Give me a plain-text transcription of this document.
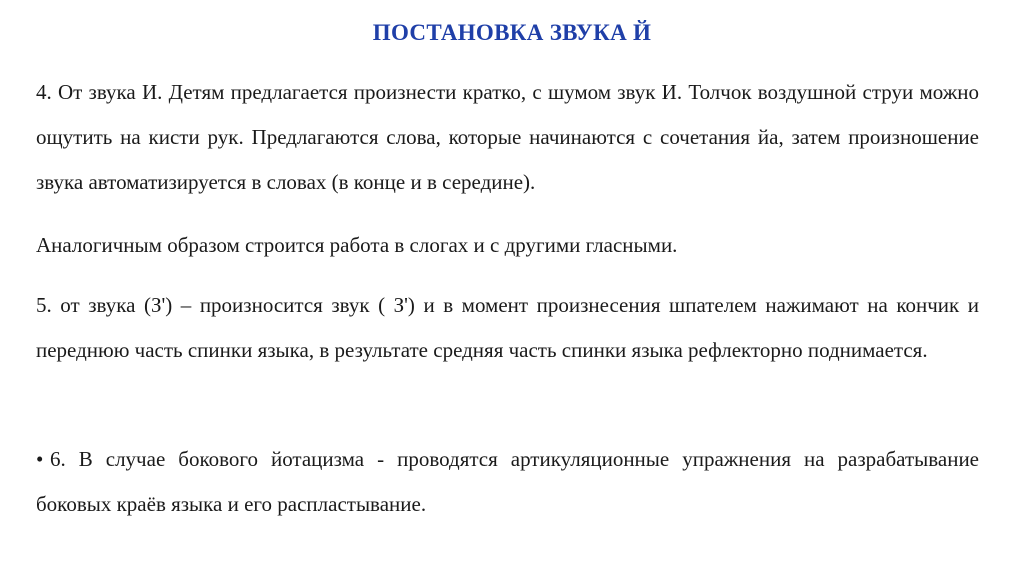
ПОСТАНОВКА ЗВУКА Й
4. От звука И. Детям предлагается произнести кратко, с шумом звук И. Толчок воздушной струи можно ощутить на кисти рук. Предлагаются слова, которые начинаются с сочетания йа, затем произношение звука автоматизируется в словах (в конце и в середине).
Аналогичным образом строится работа в слогах и с другими гласными.
5. от звука (З') – произносится звук ( З') и в момент произнесения шпателем нажимают на кончик и переднюю часть спинки языка, в результате средняя часть спинки языка рефлекторно поднимается.
• 6. В случае бокового йотацизма - проводятся артикуляционные упражнения на разрабатывание боковых краёв языка и его распластывание.
